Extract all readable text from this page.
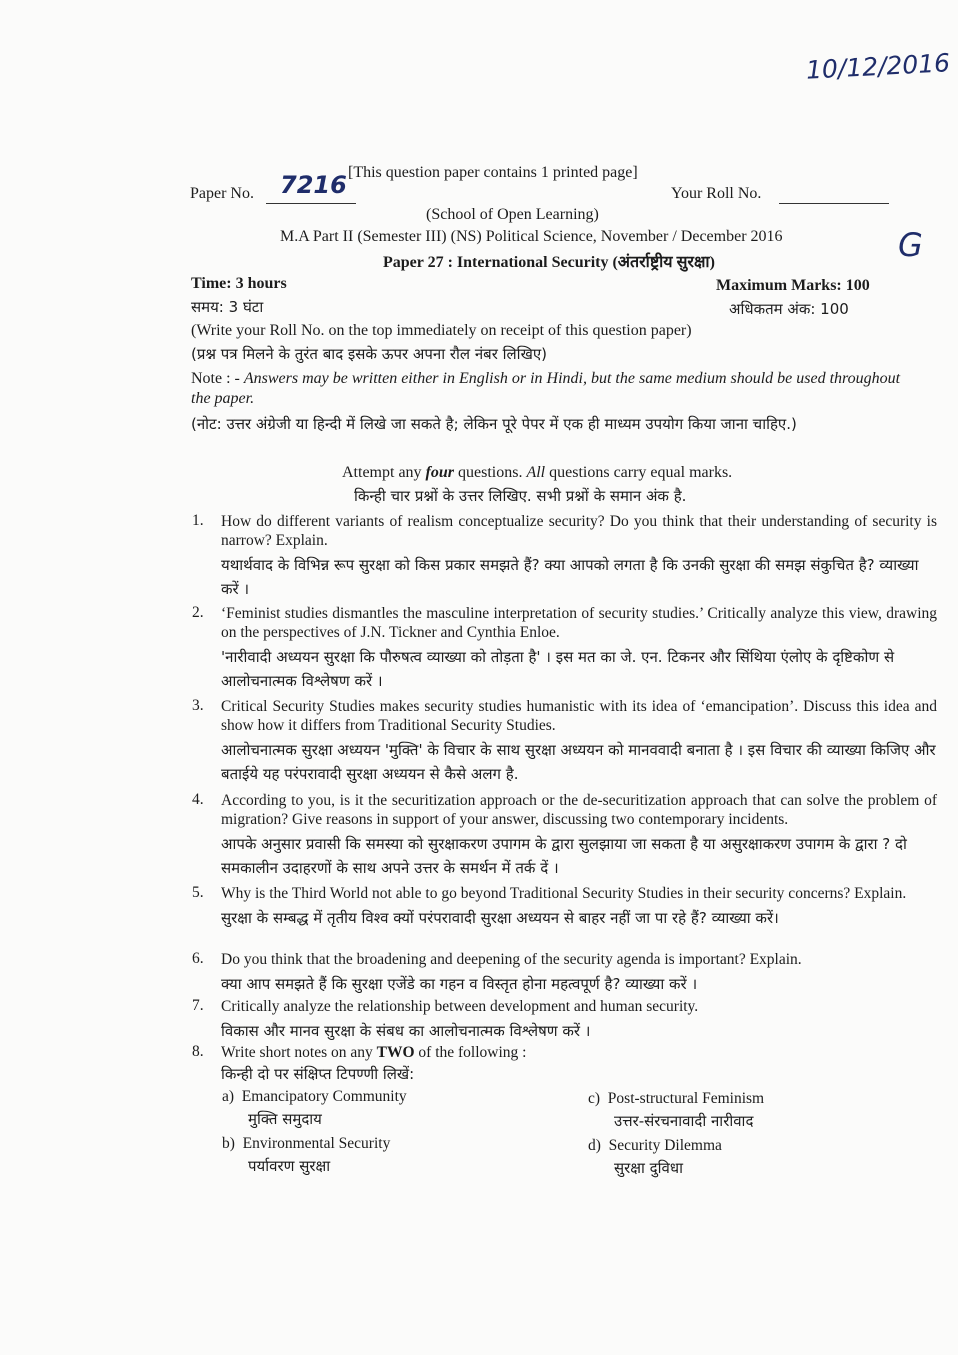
10/12/2016
7216
G
[This question paper contains 1 printed page]
Paper No.	Your Roll No.
(School of Open Learning)
M.A Part II (Semester III) (NS) Political Science, November / December 2016
Paper 27 : International Security (अंतर्राष्ट्रीय सुरक्षा)
Time: 3 hours
समय: 3 घंटा
Maximum Marks: 100
अधिकतम अंक: 100
(Write your Roll No. on the top immediately on receipt of this question paper)
(प्रश्न पत्र मिलने के तुरंत बाद इसके ऊपर अपना रौल नंबर लिखिए)
Note : - Answers may be written either in English or in Hindi, but the same medium should be used throughout the paper.
(नोट: उत्तर अंग्रेजी या हिन्दी में लिखे जा सकते है; लेकिन पूरे पेपर में एक ही माध्यम उपयोग किया जाना चाहिए.)
Attempt any four questions. All questions carry equal marks.
किन्ही चार प्रश्नों के उत्तर लिखिए. सभी प्रश्नों के समान अंक है.
1. How do different variants of realism conceptualize security? Do you think that their understanding of security is narrow? Explain.
यथार्थवाद के विभिन्न रूप सुरक्षा को किस प्रकार समझते हैं? क्या आपको लगता है कि उनकी सुरक्षा की समझ संकुचित है? व्याख्या करें ।
2. ‘Feminist studies dismantles the masculine interpretation of security studies.’ Critically analyze this view, drawing on the perspectives of J.N. Tickner and Cynthia Enloe.
'नारीवादी अध्ययन सुरक्षा कि पौरुषत्व व्याख्या को तोड़ता है' । इस मत का जे. एन. टिकनर और सिंथिया एंलोए के दृष्टिकोण से आलोचनात्मक विश्लेषण करें ।
3. Critical Security Studies makes security studies humanistic with its idea of ‘emancipation’. Discuss this idea and show how it differs from Traditional Security Studies.
आलोचनात्मक सुरक्षा अध्ययन 'मुक्ति' के विचार के साथ सुरक्षा अध्ययन को मानववादी बनाता है । इस विचार की व्याख्या किजिए और बताईये यह परंपरावादी सुरक्षा अध्ययन से कैसे अलग है.
4. According to you, is it the securitization approach or the de-securitization approach that can solve the problem of migration? Give reasons in support of your answer, discussing two contemporary incidents.
आपके अनुसार प्रवासी कि समस्या को सुरक्षाकरण उपागम के द्वारा सुलझाया जा सकता है या असुरक्षाकरण उपागम के द्वारा ? दो समकालीन उदाहरणों के साथ अपने उत्तर के समर्थन में तर्क दें ।
5. Why is the Third World not able to go beyond Traditional Security Studies in their security concerns? Explain.
सुरक्षा के सम्बद्ध में तृतीय विश्व क्यों परंपरावादी सुरक्षा अध्ययन से बाहर नहीं जा पा रहे हैं? व्याख्या करें।
6. Do you think that the broadening and deepening of the security agenda is important? Explain.
क्या आप समझते हैं कि सुरक्षा एजेंडे का गहन व विस्तृत होना महत्वपूर्ण है? व्याख्या करें ।
7. Critically analyze the relationship between development and human security.
विकास और मानव सुरक्षा के संबध का आलोचनात्मक विश्लेषण करें ।
8. Write short notes on any TWO of the following :
किन्ही दो पर संक्षिप्त टिपण्णी लिखें:
a) Emancipatory Community
मुक्ति समुदाय
b) Environmental Security
पर्यावरण सुरक्षा
c) Post-structural Feminism
उत्तर-संरचनावादी नारीवाद
d) Security Dilemma
सुरक्षा दुविधा
